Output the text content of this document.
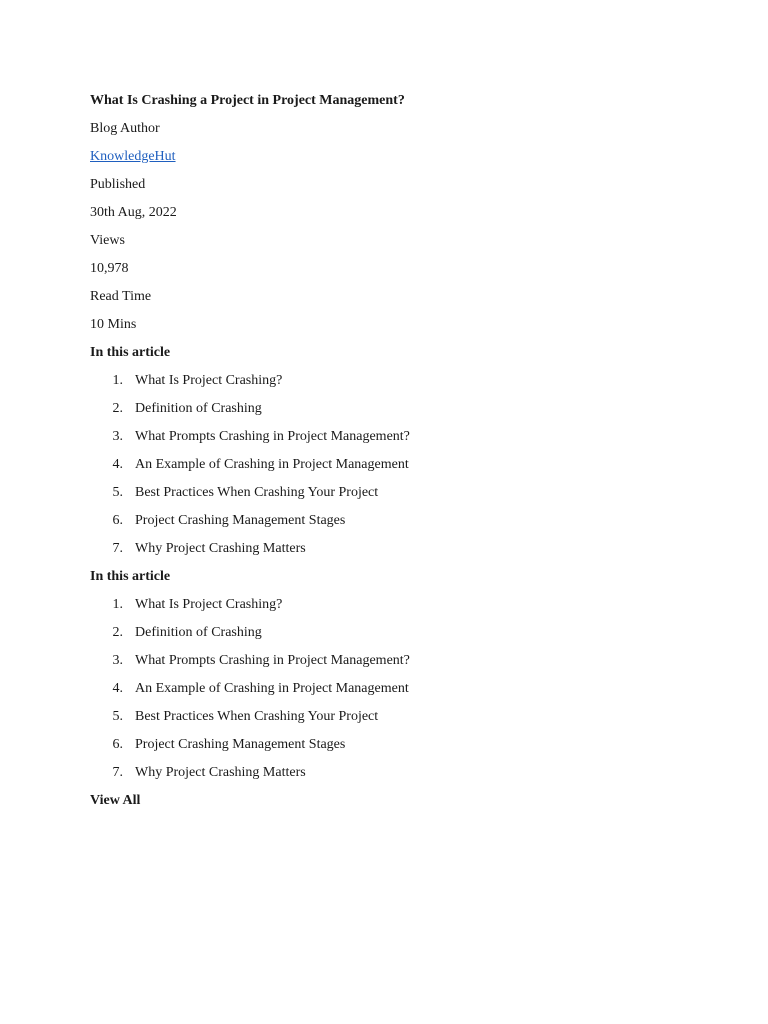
What Is Crashing a Project in Project Management?
Blog Author
KnowledgeHut
Published
30th Aug, 2022
Views
10,978
Read Time
10 Mins
In this article
1. What Is Project Crashing?
2. Definition of Crashing
3. What Prompts Crashing in Project Management?
4. An Example of Crashing in Project Management
5. Best Practices When Crashing Your Project
6. Project Crashing Management Stages
7. Why Project Crashing Matters
In this article
1. What Is Project Crashing?
2. Definition of Crashing
3. What Prompts Crashing in Project Management?
4. An Example of Crashing in Project Management
5. Best Practices When Crashing Your Project
6. Project Crashing Management Stages
7. Why Project Crashing Matters
View All
